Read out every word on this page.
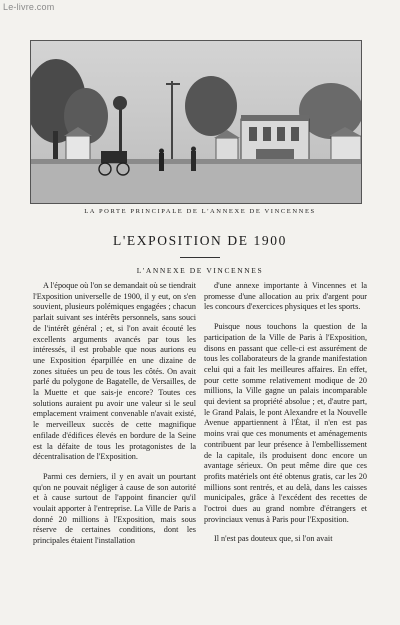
Le-livre.com
LA PORTE PRINCIPALE DE L'ANNEXE DE VINCENNES
L'EXPOSITION DE 1900
L'ANNEXE DE VINCENNES

A l'époque où l'on se demandait où se tiendrait l'Exposition universelle de 1900, il y eut, on s'en souvient, plusieurs polémiques engagées ; chacun parlait suivant ses intérêts personnels, sans souci de l'intérêt général ; et, si l'on avait écouté les excellents arguments avancés par tous les intéressés, il est probable que nous aurions eu une Exposition éparpillée en une dizaine de zones situées un peu de tous les côtés. On avait parlé du polygone de Bagatelle, de Versailles, de la Muette et que sais-je encore? Toutes ces solutions auraient pu avoir une valeur si le seul emplacement vraiment convenable n'avait existé, le merveilleux succès de cette magnifique enfilade d'édifices élevés en bordure de la Seine est la défaite de tous les protagonistes de la décentralisation de l'Exposition.

Parmi ces derniers, il y en avait un pourtant qu'on ne pouvait négliger à cause de son autorité et à cause surtout de l'appoint financier qu'il voulait apporter à l'entreprise. La Ville de Paris a donné 20 millions à l'Exposition, mais sous réserve de certaines conditions, dont les principales étaient l'installation

d'une annexe importante à Vincennes et la promesse d'une allocation au prix d'argent pour les concours d'exercices physiques et les sports.

Puisque nous touchons la question de la participation de la Ville de Paris à l'Exposition, disons en passant que celle-ci est assurément de tous les collaborateurs de la grande manifestation celui qui a fait les meilleures affaires. En effet, pour cette somme relativement modique de 20 millions, la Ville gagne un palais incomparable qui devient sa propriété absolue ; et, d'autre part, le Grand Palais, le pont Alexandre et la Nouvelle Avenue appartiennent à l'État, il n'en est pas moins vrai que ces monuments et aménagements contribuent par leur présence à l'embellissement de la capitale, ils produisent donc encore un avantage sérieux. On peut même dire que ces profits matériels ont été obtenus gratis, car les 20 millions sont rentrés, et au delà, dans les caisses municipales, grâce à l'excédent des recettes de l'octroi dues au grand nombre d'étrangers et provinciaux venus à Paris pour l'Exposition.

Il n'est pas douteux que, si l'on avait
